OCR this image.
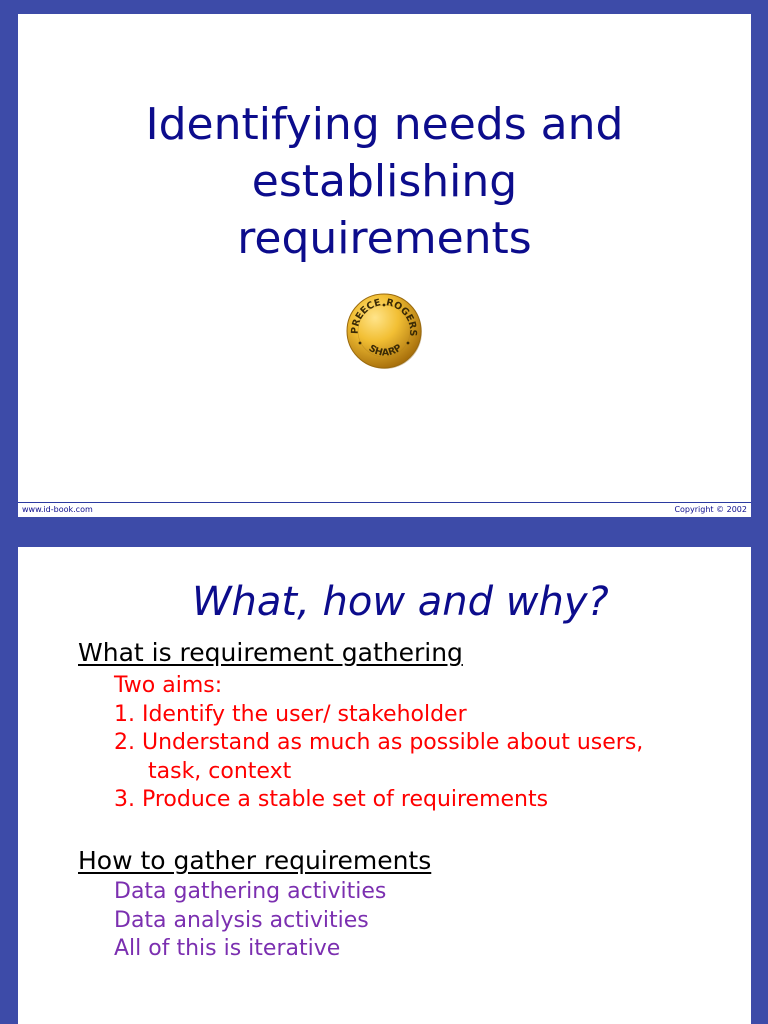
Identifying needs and
establishing
requirements
PREECE ROGERS
SHARP
www.id-book.com	Copyright © 2002
What, how and why?
What is requirement gathering
Two aims:
1. Identify the user/ stakeholder
2. Understand as much as possible about users,
task, context
3. Produce a stable set of requirements
How to gather requirements
Data gathering activities
Data analysis activities
All of this is iterative
